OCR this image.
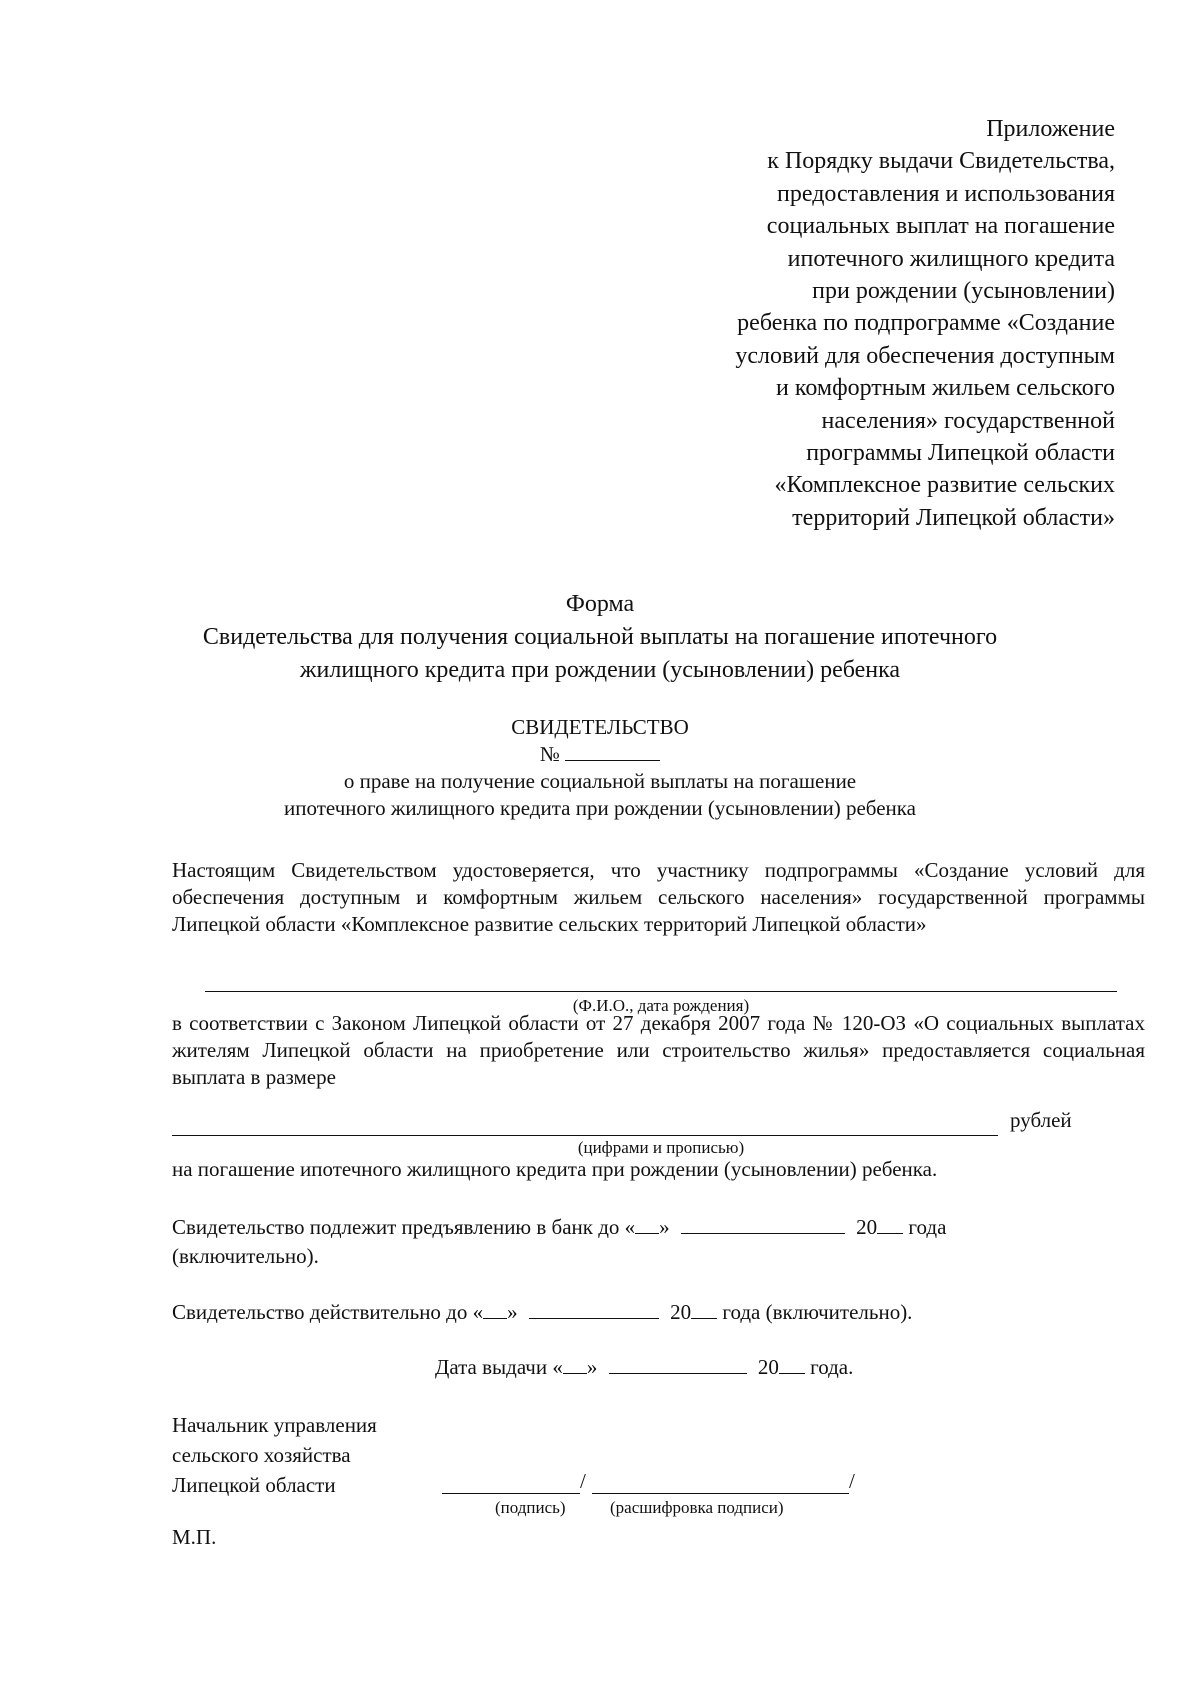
Приложение
к Порядку выдачи Свидетельства,
предоставления и использования
социальных выплат на погашение
ипотечного жилищного кредита
при рождении (усыновлении)
ребенка по подпрограмме «Создание
условий для обеспечения доступным
и комфортным жильем сельского
населения» государственной
программы Липецкой области
«Комплексное развитие сельских
территорий Липецкой области»
Форма
Свидетельства для получения социальной выплаты на погашение ипотечного
жилищного кредита при рождении (усыновлении) ребенка
СВИДЕТЕЛЬСТВО
№
о праве на получение социальной выплаты на погашение
ипотечного жилищного кредита при рождении (усыновлении) ребенка
Настоящим Свидетельством удостоверяется, что участнику подпрограммы «Создание условий для обеспечения доступным и комфортным жильем сельского населения» государственной программы Липецкой области «Комплексное развитие сельских территорий Липецкой области»
(Ф.И.О., дата рождения)
в соответствии с Законом Липецкой области от 27 декабря 2007 года № 120-ОЗ «О социальных выплатах жителям Липецкой области на приобретение или строительство жилья» предоставляется социальная выплата в размере
рублей
(цифрами и прописью)
на погашение ипотечного жилищного кредита при рождении (усыновлении) ребенка.
Свидетельство подлежит предъявлению в банк до « »	20 года
(включительно).
Свидетельство действительно до « »	20 года (включительно).
Дата выдачи « »	20 года.
Начальник управления
сельского хозяйства
Липецкой области	/	/
(подпись)	(расшифровка подписи)
М.П.
